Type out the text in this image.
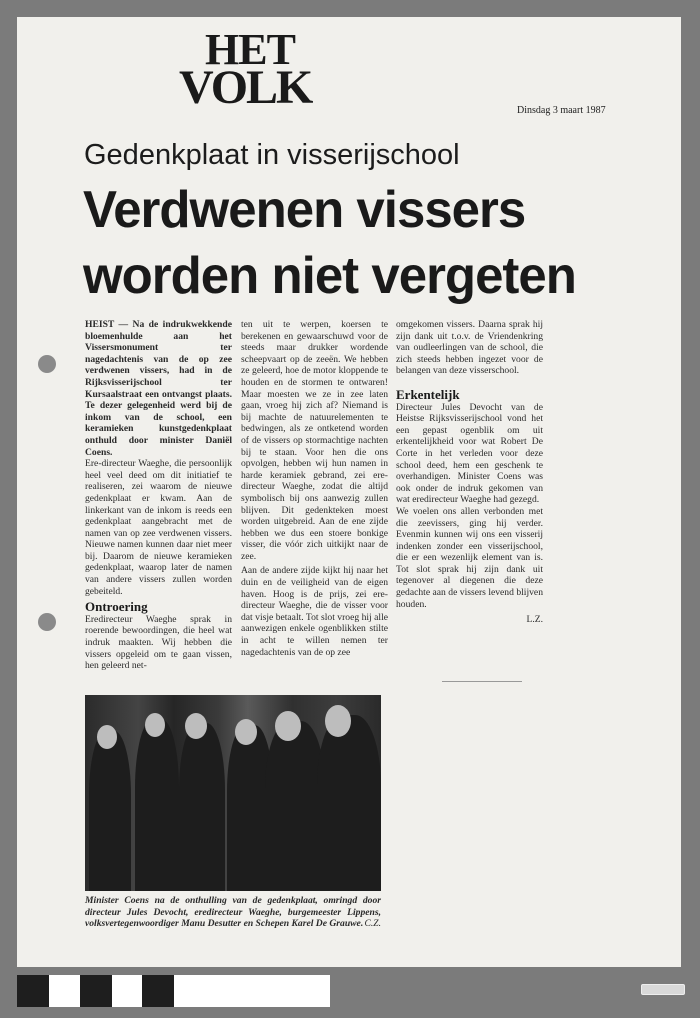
HET
VOLK	Dinsdag 3 maart 1987
Gedenkplaat in visserijschool
Verdwenen vissers
worden niet vergeten

HEIST — Na de indrukwekkende bloemenhulde aan het Vissersmonument ter nagedachtenis van de op zee verdwenen vissers, had in de Rijksvisserijschool ter Kursaalstraat een ontvangst plaats. Te dezer gelegenheid werd bij de inkom van de school, een keramieken kunstgedenkplaat onthuld door minister Daniël Coens.

Ere-directeur Waeghe, die persoonlijk heel veel deed om dit initiatief te realiseren, zei waarom de nieuwe gedenkplaat er kwam. Aan de linkerkant van de inkom is reeds een gedenkplaat aangebracht met de namen van op zee verdwenen vissers. Nieuwe namen kunnen daar niet meer bij. Daarom de nieuwe keramieken gedenkplaat, waarop later de namen van andere vissers zullen worden gebeiteld.

Ontroering

Eredirecteur Waeghe sprak in roerende bewoordingen, die heel wat indruk maakten. Wij hebben die vissers opgeleid om te gaan vissen, hen geleerd net-

ten uit te werpen, koersen te berekenen en gewaarschuwd voor de steeds maar drukker wordende scheepvaart op de zeeën. We hebben ze geleerd, hoe de motor kloppende te houden en de stormen te ontwaren! Maar moesten we ze in zee laten gaan, vroeg hij zich af? Niemand is bij machte de natuurelementen te bedwingen, als ze ontketend worden of de vissers op stormachtige nachten bij te staan. Voor hen die ons opvolgen, hebben wij hun namen in harde keramiek gebrand, zei ere-directeur Waeghe, zodat die altijd symbolisch bij ons aanwezig zullen blijven. Dit gedenkteken moest worden uitgebreid. Aan de ene zijde hebben we dus een stoere bonkige visser, die vóór zich uitkijkt naar de zee.

Aan de andere zijde kijkt hij naar het duin en de veiligheid van de eigen haven. Hoog is de prijs, zei ere-directeur Waeghe, die de visser voor dat visje betaalt. Tot slot vroeg hij alle aanwezigen enkele ogenblikken stilte in acht te willen nemen ter nagedachtenis van de op zee

omgekomen vissers. Daarna sprak hij zijn dank uit t.o.v. de Vriendenkring van oudleerlingen van de school, die zich steeds hebben ingezet voor de belangen van deze visserschool.

Erkentelijk

Directeur Jules Devocht van de Heistse Rijksvisserijschool vond het een gepast ogenblik om uit erkentelijkheid voor wat Robert De Corte in het verleden voor deze school deed, hem een geschenk te overhandigen. Minister Coens was ook onder de indruk gekomen van wat eredirecteur Waeghe had gezegd.

We voelen ons allen verbonden met die zeevissers, ging hij verder. Evenmin kunnen wij ons een visserij indenken zonder een visserijschool, die er een wezenlijk element van is. Tot slot sprak hij zijn dank uit tegenover al diegenen die deze gedachte aan de vissers levend blijven houden.

L.Z.

Minister Coens na de onthulling van de gedenkplaat, omringd door directeur Jules Devocht, eredirecteur Waeghe, burgemeester Lippens, volksvertegenwoordiger Manu Desutter en Schepen Karel De Grauwe. C.Z.
